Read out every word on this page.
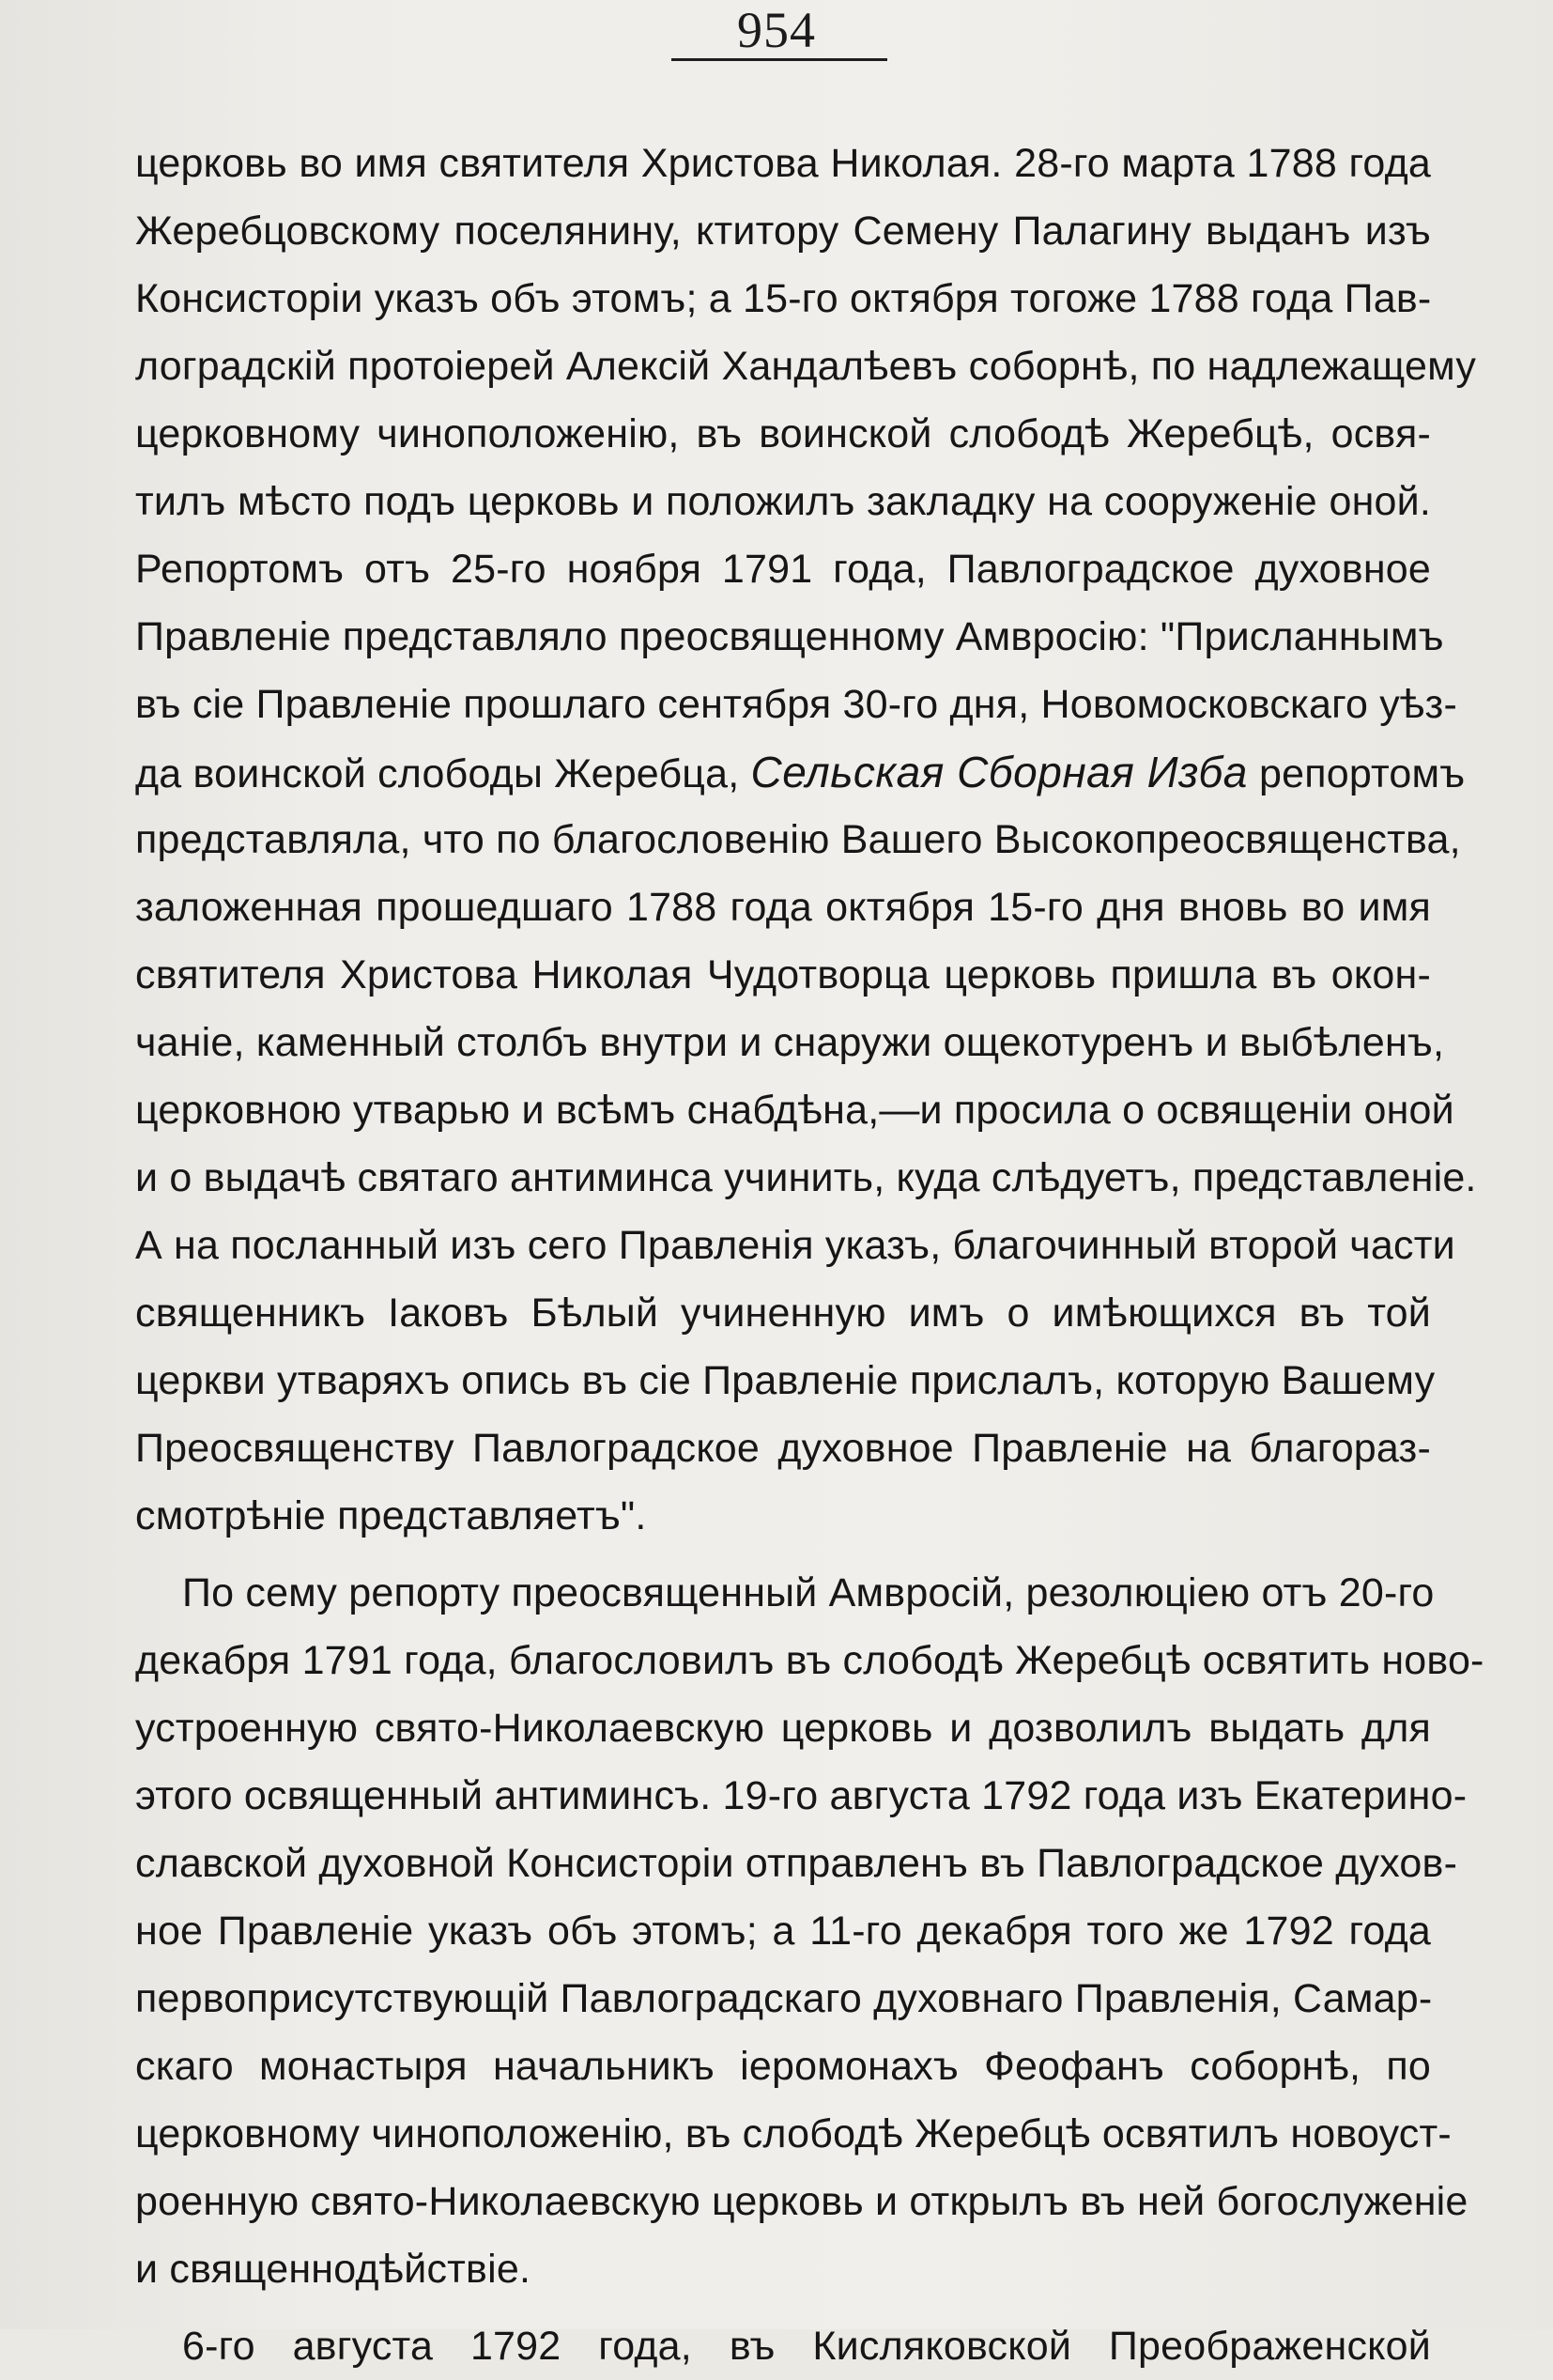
954
церковь во имя святителя Христова Николая. 28-го марта 1788 года
Жеребцовскому поселянину, ктитору Семену Палагину выданъ изъ
Консисторіи указъ объ этомъ; а 15-го октября тогоже 1788 года Пав-
лоградскій протоіерей Алексій Хандалѣевъ соборнѣ, по надлежащему
церковному чиноположенію, въ воинской слободѣ Жеребцѣ, освя-
тилъ мѣсто подъ церковь и положилъ закладку на сооруженіе оной.
Репортомъ отъ 25-го ноября 1791 года, Павлоградское духовное
Правленіе представляло преосвященному Амвросію: "Присланнымъ
въ сіе Правленіе прошлаго сентября 30-го дня, Новомосковскаго уѣз-
да воинской слободы Жеребца, Сельская Сборная Изба репортомъ
представляла, что по благословенію Вашего Высокопреосвященства,
заложенная прошедшаго 1788 года октября 15-го дня вновь во имя
святителя Христова Николая Чудотворца церковь пришла въ окон-
чаніе, каменный столбъ внутри и снаружи ощекотуренъ и выбѣленъ,
церковною утварью и всѣмъ снабдѣна,—и просила о освященіи оной
и о выдачѣ святаго антиминса учинить, куда слѣдуетъ, представленіе.
А на посланный изъ сего Правленія указъ, благочинный второй части
священникъ Іаковъ Бѣлый учиненную имъ о имѣющихся въ той
церкви утваряхъ опись въ сіе Правленіе прислалъ, которую Вашему
Преосвященству Павлоградское духовное Правленіе на благораз-
смотрѣніе представляетъ".
По сему репорту преосвященный Амвросій, резолюціею отъ 20-го
декабря 1791 года, благословилъ въ слободѣ Жеребцѣ освятить ново-
устроенную свято-Николаевскую церковь и дозволилъ выдать для
этого освященный антиминсъ. 19-го августа 1792 года изъ Екатерино-
славской духовной Консисторіи отправленъ въ Павлоградское духов-
ное Правленіе указъ объ этомъ; а 11-го декабря того же 1792 года
первоприсутствующій Павлоградскаго духовнаго Правленія, Самар-
скаго монастыря начальникъ іеромонахъ Феофанъ соборнѣ, по
церковному чиноположенію, въ слободѣ Жеребцѣ освятилъ новоуст-
роенную свято-Николаевскую церковь и открылъ въ ней богослуженіе
и священнодѣйствіе.
6-го августа 1792 года, въ Кисляковской Преображенской
